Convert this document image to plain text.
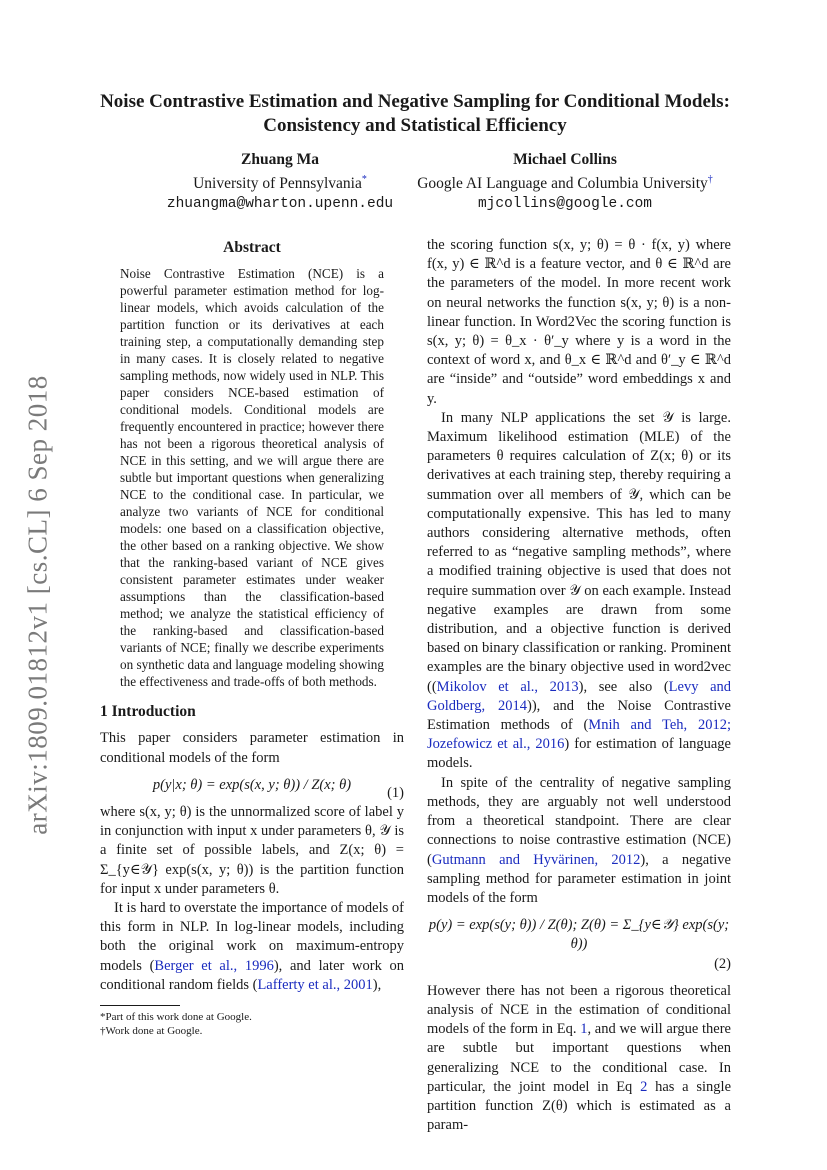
arXiv:1809.01812v1 [cs.CL] 6 Sep 2018
Noise Contrastive Estimation and Negative Sampling for Conditional Models: Consistency and Statistical Efficiency
Zhuang Ma
University of Pennsylvania*
zhuangma@wharton.upenn.edu
Michael Collins
Google AI Language and Columbia University†
mjcollins@google.com
Abstract
Noise Contrastive Estimation (NCE) is a powerful parameter estimation method for log-linear models, which avoids calculation of the partition function or its derivatives at each training step, a computationally demanding step in many cases. It is closely related to negative sampling methods, now widely used in NLP. This paper considers NCE-based estimation of conditional models. Conditional models are frequently encountered in practice; however there has not been a rigorous theoretical analysis of NCE in this setting, and we will argue there are subtle but important questions when generalizing NCE to the conditional case. In particular, we analyze two variants of NCE for conditional models: one based on a classification objective, the other based on a ranking objective. We show that the ranking-based variant of NCE gives consistent parameter estimates under weaker assumptions than the classification-based method; we analyze the statistical efficiency of the ranking-based and classification-based variants of NCE; finally we describe experiments on synthetic data and language modeling showing the effectiveness and trade-offs of both methods.
1 Introduction

This paper considers parameter estimation in conditional models of the form

p(y|x; θ) = exp(s(x, y; θ)) / Z(x; θ) (1)

where s(x, y; θ) is the unnormalized score of label y in conjunction with input x under parameters θ, 𝒴 is a finite set of possible labels, and Z(x; θ) = Σ_{y∈𝒴} exp(s(x, y; θ)) is the partition function for input x under parameters θ.

It is hard to overstate the importance of models of this form in NLP. In log-linear models, including both the original work on maximum-entropy models (Berger et al., 1996), and later work on conditional random fields (Lafferty et al., 2001),

*Part of this work done at Google.
†Work done at Google.

the scoring function s(x, y; θ) = θ · f(x, y) where f(x, y) ∈ ℝ^d is a feature vector, and θ ∈ ℝ^d are the parameters of the model. In more recent work on neural networks the function s(x, y; θ) is a non-linear function. In Word2Vec the scoring function is s(x, y; θ) = θ_x · θ′_y where y is a word in the context of word x, and θ_x ∈ ℝ^d and θ′_y ∈ ℝ^d are “inside” and “outside” word embeddings x and y.

In many NLP applications the set 𝒴 is large. Maximum likelihood estimation (MLE) of the parameters θ requires calculation of Z(x; θ) or its derivatives at each training step, thereby requiring a summation over all members of 𝒴, which can be computationally expensive. This has led to many authors considering alternative methods, often referred to as “negative sampling methods”, where a modified training objective is used that does not require summation over 𝒴 on each example. Instead negative examples are drawn from some distribution, and a objective function is derived based on binary classification or ranking. Prominent examples are the binary objective used in word2vec ((Mikolov et al., 2013), see also (Levy and Goldberg, 2014)), and the Noise Contrastive Estimation methods of (Mnih and Teh, 2012; Jozefowicz et al., 2016) for estimation of language models.

In spite of the centrality of negative sampling methods, they are arguably not well understood from a theoretical standpoint. There are clear connections to noise contrastive estimation (NCE) (Gutmann and Hyvärinen, 2012), a negative sampling method for parameter estimation in joint models of the form

p(y) = exp(s(y; θ)) / Z(θ); Z(θ) = Σ_{y∈𝒴} exp(s(y; θ))
(2)

However there has not been a rigorous theoretical analysis of NCE in the estimation of conditional models of the form in Eq. 1, and we will argue there are subtle but important questions when generalizing NCE to the conditional case. In particular, the joint model in Eq 2 has a single partition function Z(θ) which is estimated as a param-
